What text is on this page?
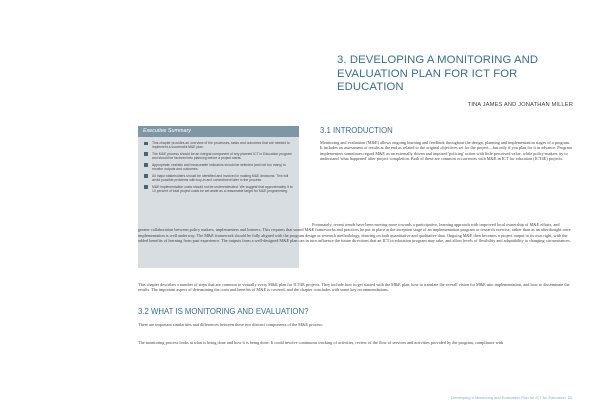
3. DEVELOPING A MONITORING AND EVALUATION PLAN FOR ICT FOR EDUCATION
TINA JAMES AND JONATHAN MILLER
Executive Summary
This chapter provides an overview of the processes, tasks and outcomes that are needed to implement a successful M&E plan.
The M&E process should be an integral component of any planned ICT in Education program and should be factored into planning before a project starts.
Appropriate, realistic and measurable indicators should be selected (and not too many) to monitor outputs and outcomes.
All major stakeholders should be identified and involved in making M&E decisions. This will avoid possible problems with buy-in and commitment later in the process.
M&E implementation costs should not be underestimated. We suggest that approximately 5 to 10 percent of total project costs be set aside as a reasonable target for M&E programming.
3.1 INTRODUCTION

Monitoring and evaluation (M&E) allows ongoing learning and feedback throughout the design, planning and implementation stages of a program. It includes an assessment of results at the end as related to the original objectives set for the project—but only if you plan for it in advance. Program implementers sometimes regard M&E as an externally driven and imposed 'policing' action with little perceived value, while policy-makers try to understand 'what happened' after project completion. Both of these are common occurrences with M&E in ICT for education (ICT4E) projects.

Fortunately, recent trends have been moving more towards a participative, learning approach with improved local ownership of M&E efforts, and greater collaboration between policy makers, implementers and learners. This requires that sound M&E frameworks and practices be put in place at the inception stage of an implementation program or research exercise, rather than as an afterthought once implementation is well underway. The M&E framework should be fully aligned with the program design or research methodology, drawing on both quantitative and qualitative data. Ongoing M&E then becomes a project output in its own right, with the added benefits of learning from past experience. The outputs from a well-designed M&E plan can in turn influence the future directions that an ICT in education program may take, and allow levels of flexibility and adaptability to changing circumstances.

This chapter describes a number of steps that are common to virtually every M&E plan for ICT4E projects. They include how to get started with the M&E plan, how to translate the overall vision for M&E into implementation, and how to disseminate the results. The important aspect of determining the costs and benefits of M&E is covered, and the chapter concludes with some key recommendations.

3.2 WHAT IS MONITORING AND EVALUATION?

There are important similarities and differences between these two distinct components of the M&E process:

The monitoring process looks at what is being done and how it is being done. It could involve continuous tracking of activities, review of the flow of services and activities provided by the program, compliance with

Developing a Monitoring and Evaluation Plan for ICT for Education 21
